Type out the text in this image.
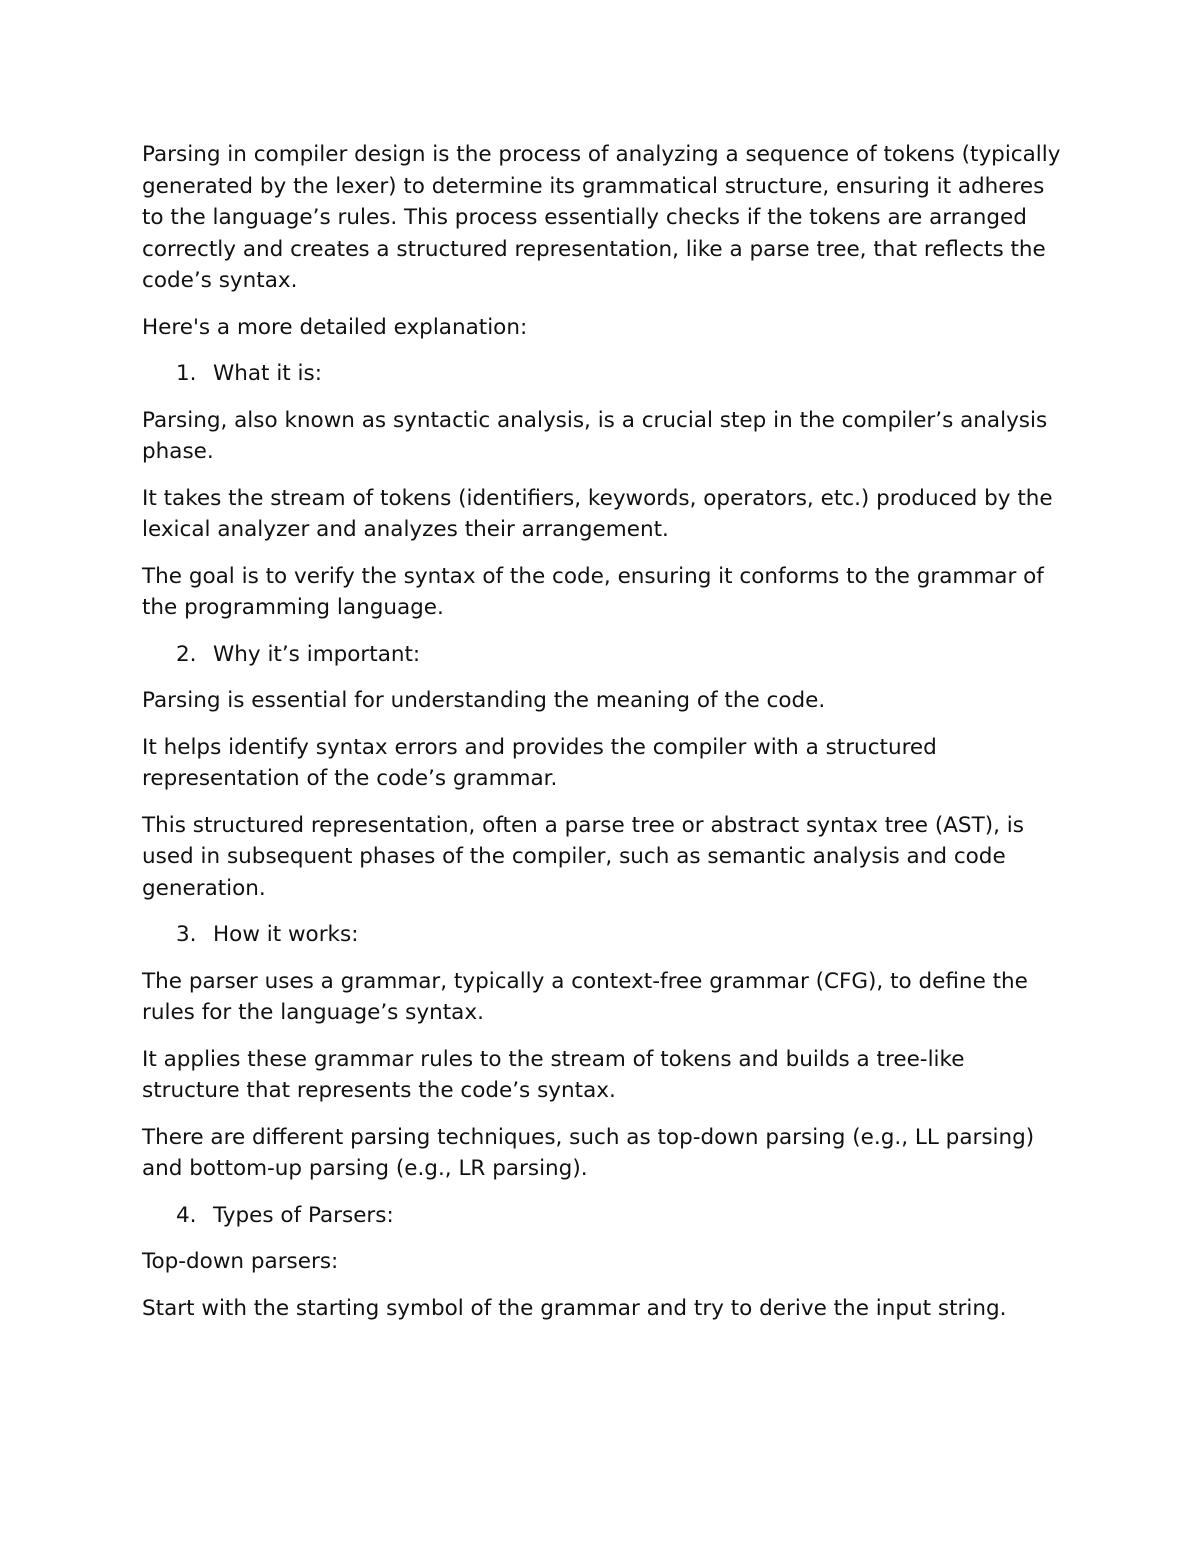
Parsing in compiler design is the process of analyzing a sequence of tokens (typically generated by the lexer) to determine its grammatical structure, ensuring it adheres to the language’s rules. This process essentially checks if the tokens are arranged correctly and creates a structured representation, like a parse tree, that reflects the code’s syntax.

Here's a more detailed explanation:

1. What it is:

Parsing, also known as syntactic analysis, is a crucial step in the compiler’s analysis phase.

It takes the stream of tokens (identifiers, keywords, operators, etc.) produced by the lexical analyzer and analyzes their arrangement.

The goal is to verify the syntax of the code, ensuring it conforms to the grammar of the programming language.

2. Why it’s important:

Parsing is essential for understanding the meaning of the code.

It helps identify syntax errors and provides the compiler with a structured representation of the code’s grammar.

This structured representation, often a parse tree or abstract syntax tree (AST), is used in subsequent phases of the compiler, such as semantic analysis and code generation.

3. How it works:

The parser uses a grammar, typically a context-free grammar (CFG), to define the rules for the language’s syntax.

It applies these grammar rules to the stream of tokens and builds a tree-like structure that represents the code’s syntax.

There are different parsing techniques, such as top-down parsing (e.g., LL parsing) and bottom-up parsing (e.g., LR parsing).

4. Types of Parsers:

Top-down parsers:

Start with the starting symbol of the grammar and try to derive the input string.
